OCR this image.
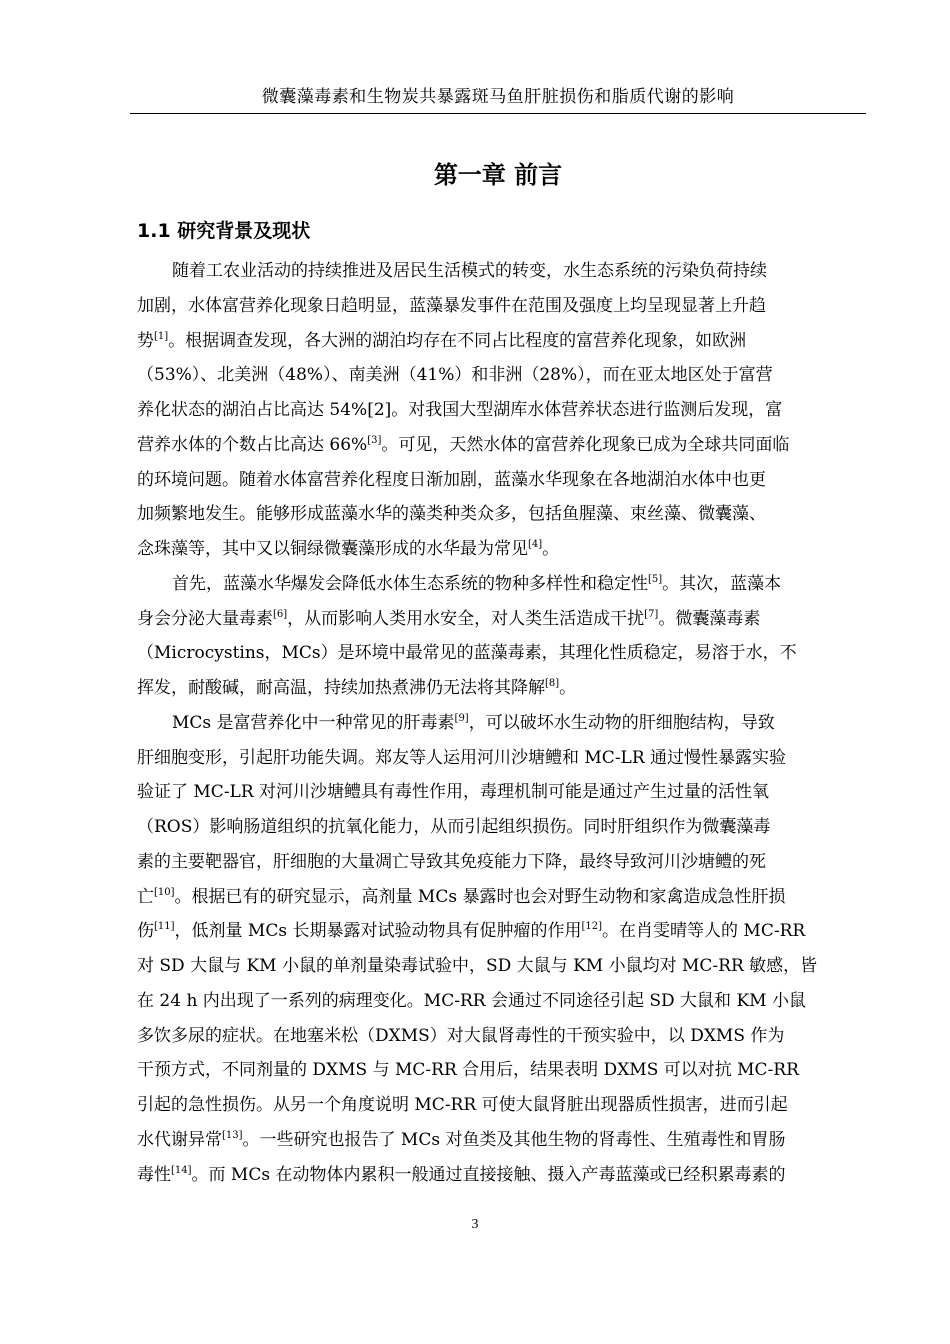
微囊藻毒素和生物炭共暴露斑马鱼肝脏损伤和脂质代谢的影响
第一章 前言
1.1 研究背景及现状
随着工农业活动的持续推进及居民生活模式的转变，水生态系统的污染负荷持续
加剧，水体富营养化现象日趋明显，蓝藻暴发事件在范围及强度上均呈现显著上升趋
势[1]。根据调查发现，各大洲的湖泊均存在不同占比程度的富营养化现象，如欧洲
（53%）、北美洲（48%）、南美洲（41%）和非洲（28%），而在亚太地区处于富营
养化状态的湖泊占比高达 54%[2]。对我国大型湖库水体营养状态进行监测后发现，富
营养水体的个数占比高达 66%[3]。可见，天然水体的富营养化现象已成为全球共同面临
的环境问题。随着水体富营养化程度日渐加剧，蓝藻水华现象在各地湖泊水体中也更
加频繁地发生。能够形成蓝藻水华的藻类种类众多，包括鱼腥藻、束丝藻、微囊藻、
念珠藻等，其中又以铜绿微囊藻形成的水华最为常见[4]。
首先，蓝藻水华爆发会降低水体生态系统的物种多样性和稳定性[5]。其次，蓝藻本
身会分泌大量毒素[6]，从而影响人类用水安全，对人类生活造成干扰[7]。微囊藻毒素
（Microcystins，MCs）是环境中最常见的蓝藻毒素，其理化性质稳定，易溶于水，不
挥发，耐酸碱，耐高温，持续加热煮沸仍无法将其降解[8]。
MCs 是富营养化中一种常见的肝毒素[9]，可以破坏水生动物的肝细胞结构，导致
肝细胞变形，引起肝功能失调。郑友等人运用河川沙塘鳢和 MC-LR 通过慢性暴露实验
验证了 MC-LR 对河川沙塘鳢具有毒性作用，毒理机制可能是通过产生过量的活性氧
（ROS）影响肠道组织的抗氧化能力，从而引起组织损伤。同时肝组织作为微囊藻毒
素的主要靶器官，肝细胞的大量凋亡导致其免疫能力下降，最终导致河川沙塘鳢的死
亡[10]。根据已有的研究显示，高剂量 MCs 暴露时也会对野生动物和家禽造成急性肝损
伤[11]，低剂量 MCs 长期暴露对试验动物具有促肿瘤的作用[12]。在肖雯晴等人的 MC-RR
对 SD 大鼠与 KM 小鼠的单剂量染毒试验中，SD 大鼠与 KM 小鼠均对 MC-RR 敏感，皆
在 24 h 内出现了一系列的病理变化。MC-RR 会通过不同途径引起 SD 大鼠和 KM 小鼠
多饮多尿的症状。在地塞米松（DXMS）对大鼠肾毒性的干预实验中，以 DXMS 作为
干预方式，不同剂量的 DXMS 与 MC-RR 合用后，结果表明 DXMS 可以对抗 MC-RR
引起的急性损伤。从另一个角度说明 MC-RR 可使大鼠肾脏出现器质性损害，进而引起
水代谢异常[13]。一些研究也报告了 MCs 对鱼类及其他生物的肾毒性、生殖毒性和胃肠
毒性[14]。而 MCs 在动物体内累积一般通过直接接触、摄入产毒蓝藻或已经积累毒素的
3
